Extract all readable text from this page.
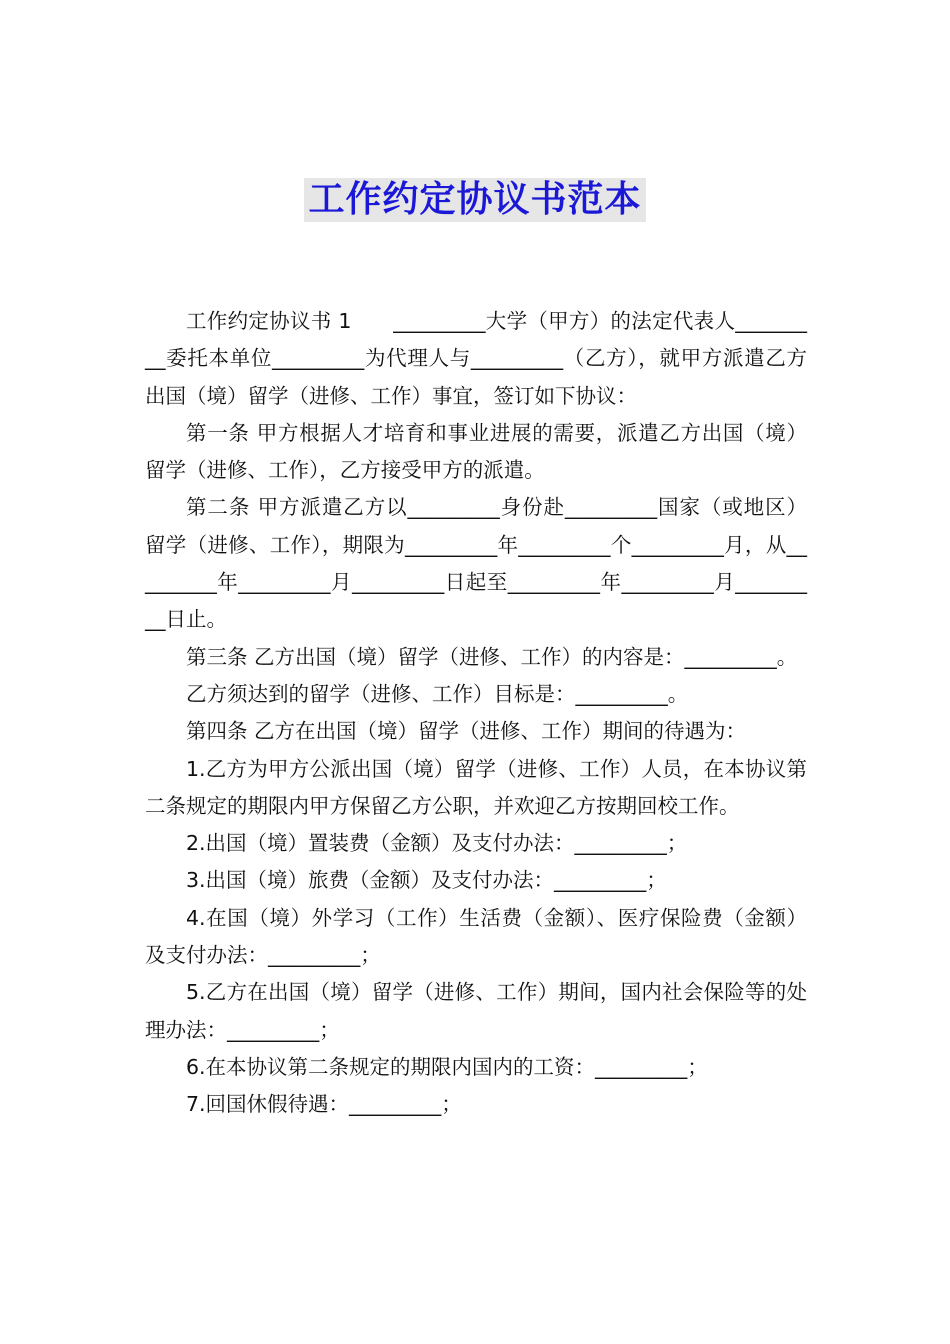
工作约定协议书范本

工作约定协议书 1　　_________大学（甲方）的法定代表人_________委托本单位_________为代理人与_________（乙方），就甲方派遣乙方出国（境）留学（进修、工作）事宜，签订如下协议：

第一条 甲方根据人才培育和事业进展的需要，派遣乙方出国（境）留学（进修、工作），乙方接受甲方的派遣。

第二条 甲方派遣乙方以_________身份赴_________国家（或地区）留学（进修、工作），期限为_________年_________个_________月，从_________年_________月_________日起至_________年_________月_________日止。

第三条 乙方出国（境）留学（进修、工作）的内容是：_________。

乙方须达到的留学（进修、工作）目标是：_________。

第四条 乙方在出国（境）留学（进修、工作）期间的待遇为：

1.乙方为甲方公派出国（境）留学（进修、工作）人员，在本协议第二条规定的期限内甲方保留乙方公职，并欢迎乙方按期回校工作。

2.出国（境）置装费（金额）及支付办法：_________；

3.出国（境）旅费（金额）及支付办法：_________；

4.在国（境）外学习（工作）生活费（金额）、医疗保险费（金额）及支付办法：_________；

5.乙方在出国（境）留学（进修、工作）期间，国内社会保险等的处理办法：_________；

6.在本协议第二条规定的期限内国内的工资：_________；

7.回国休假待遇：_________；
